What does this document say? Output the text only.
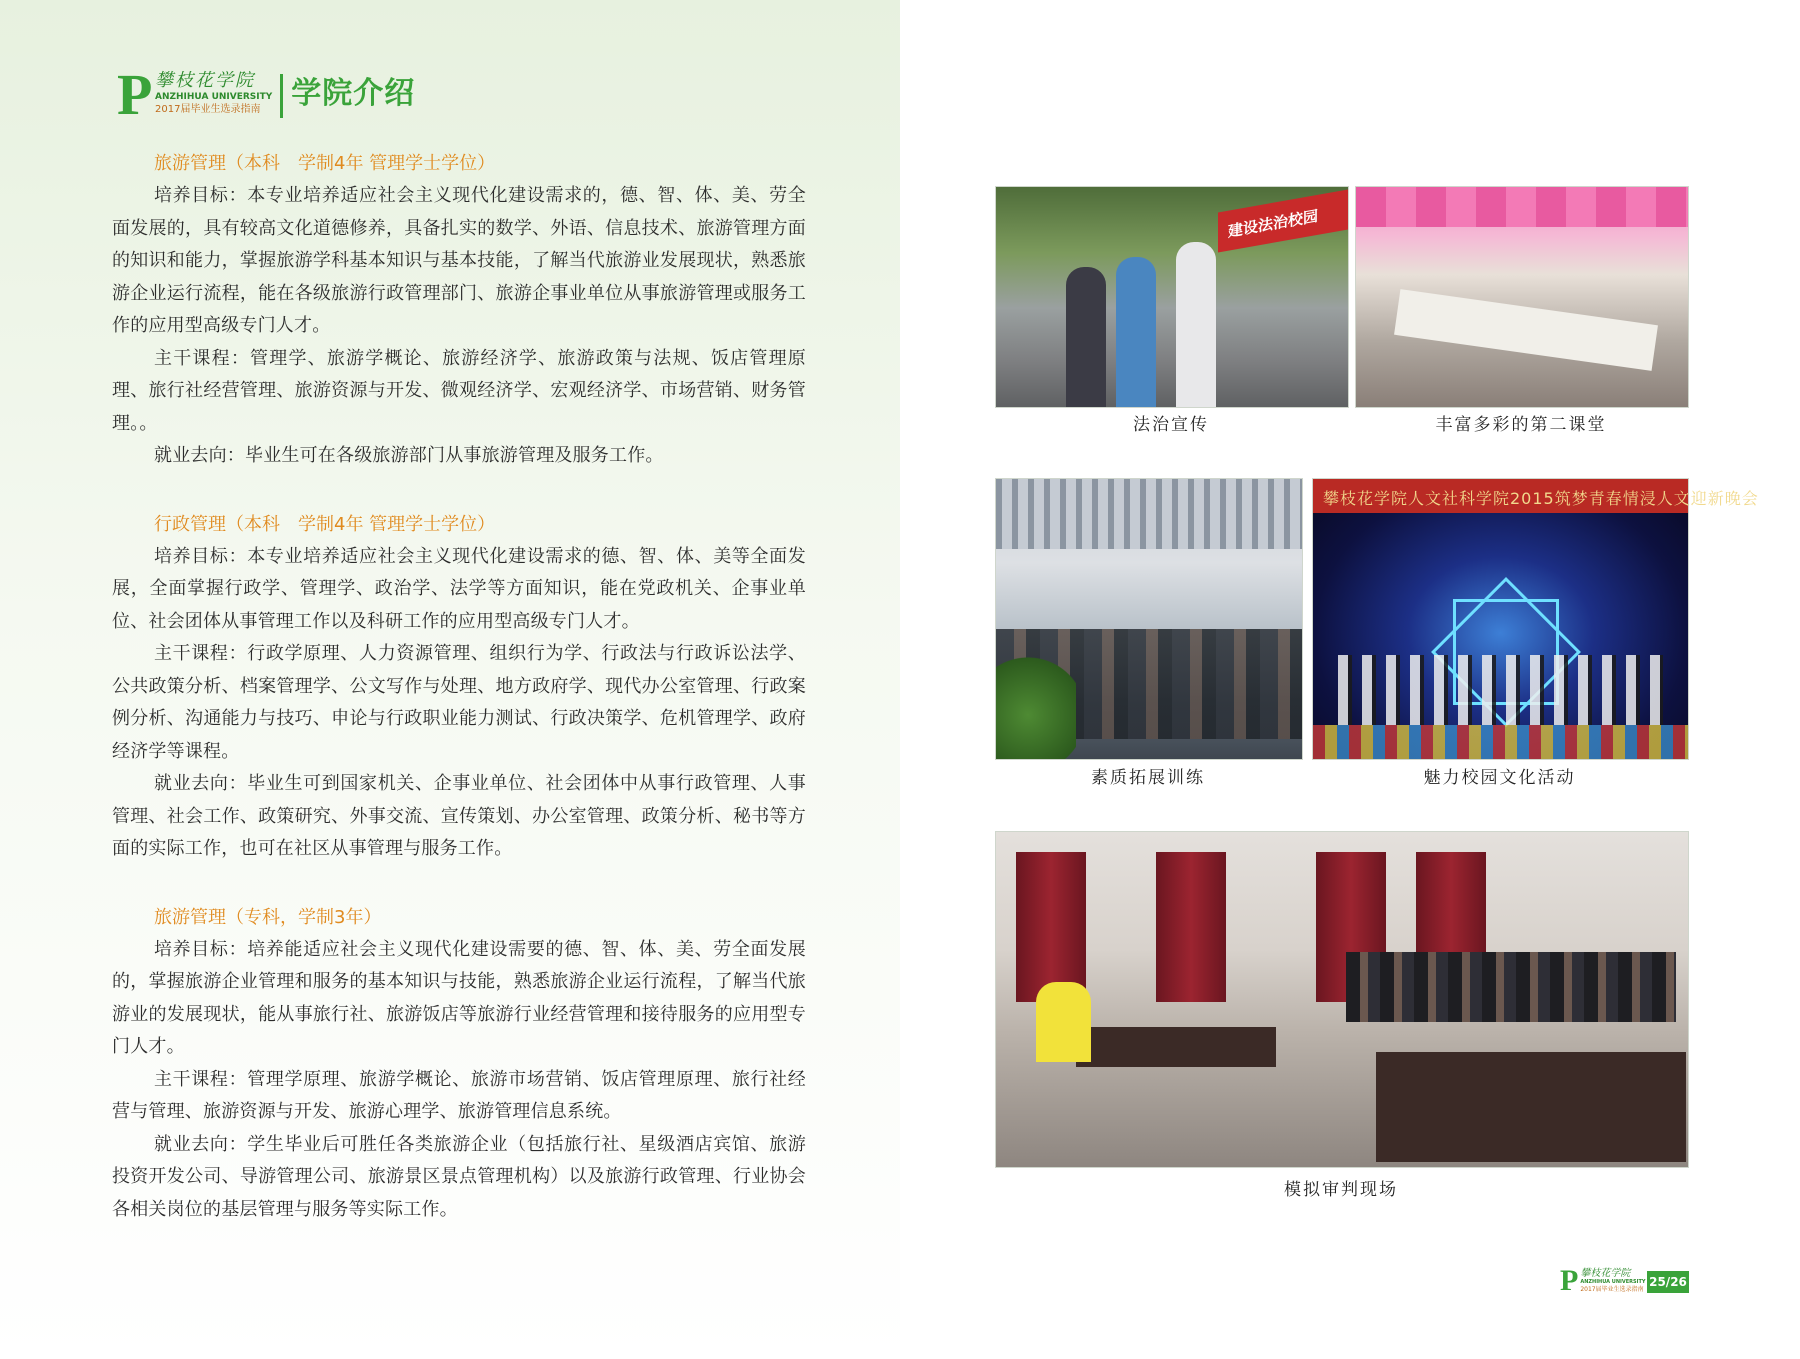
P 攀枝花学院
ANZHIHUA UNIVERSITY
2017届毕业生选录指南	学院介绍

旅游管理（本科　学制4年 管理学士学位）

培养目标：本专业培养适应社会主义现代化建设需求的，德、智、体、美、劳全面发展的，具有较高文化道德修养，具备扎实的数学、外语、信息技术、旅游管理方面的知识和能力，掌握旅游学科基本知识与基本技能，了解当代旅游业发展现状，熟悉旅游企业运行流程，能在各级旅游行政管理部门、旅游企事业单位从事旅游管理或服务工作的应用型高级专门人才。

主干课程：管理学、旅游学概论、旅游经济学、旅游政策与法规、饭店管理原理、旅行社经营管理、旅游资源与开发、微观经济学、宏观经济学、市场营销、财务管理。。

就业去向：毕业生可在各级旅游部门从事旅游管理及服务工作。

行政管理（本科　学制4年 管理学士学位）

培养目标：本专业培养适应社会主义现代化建设需求的德、智、体、美等全面发展，全面掌握行政学、管理学、政治学、法学等方面知识，能在党政机关、企事业单位、社会团体从事管理工作以及科研工作的应用型高级专门人才。

主干课程：行政学原理、人力资源管理、组织行为学、行政法与行政诉讼法学、公共政策分析、档案管理学、公文写作与处理、地方政府学、现代办公室管理、行政案例分析、沟通能力与技巧、申论与行政职业能力测试、行政决策学、危机管理学、政府经济学等课程。

就业去向：毕业生可到国家机关、企事业单位、社会团体中从事行政管理、人事管理、社会工作、政策研究、外事交流、宣传策划、办公室管理、政策分析、秘书等方面的实际工作，也可在社区从事管理与服务工作。

旅游管理（专科，学制3年）

培养目标：培养能适应社会主义现代化建设需要的德、智、体、美、劳全面发展的，掌握旅游企业管理和服务的基本知识与技能，熟悉旅游企业运行流程，了解当代旅游业的发展现状，能从事旅行社、旅游饭店等旅游行业经营管理和接待服务的应用型专门人才。

主干课程：管理学原理、旅游学概论、旅游市场营销、饭店管理原理、旅行社经营与管理、旅游资源与开发、旅游心理学、旅游管理信息系统。

就业去向：学生毕业后可胜任各类旅游企业（包括旅行社、星级酒店宾馆、旅游投资开发公司、导游管理公司、旅游景区景点管理机构）以及旅游行政管理、行业协会各相关岗位的基层管理与服务等实际工作。

建设法治校园
法治宣传	丰富多彩的第二课堂
素质拓展训练
攀枝花学院人文社科学院2015筑梦青春情浸人文迎新晚会
魅力校园文化活动
模拟审判现场
P 攀枝花学院
ANZHIHUA UNIVERSITY
2017届毕业生选录指南
25/26
